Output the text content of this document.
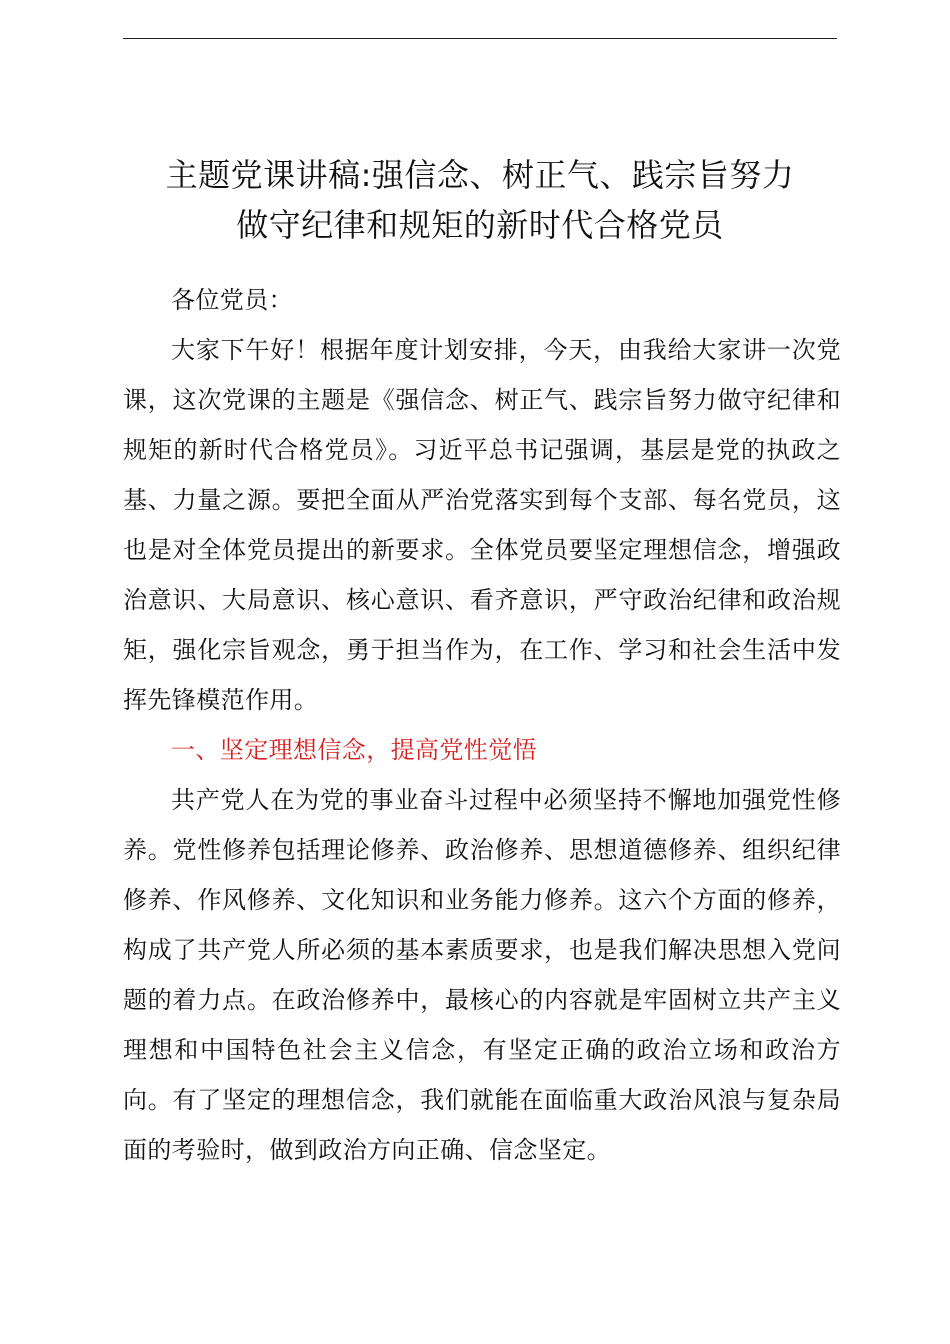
主题党课讲稿:强信念、树正气、践宗旨努力
做守纪律和规矩的新时代合格党员

各位党员：

大家下午好！根据年度计划安排，今天，由我给大家讲一次党课，这次党课的主题是《强信念、树正气、践宗旨努力做守纪律和规矩的新时代合格党员》。习近平总书记强调，基层是党的执政之基、力量之源。要把全面从严治党落实到每个支部、每名党员，这也是对全体党员提出的新要求。全体党员要坚定理想信念，增强政治意识、大局意识、核心意识、看齐意识，严守政治纪律和政治规矩，强化宗旨观念，勇于担当作为，在工作、学习和社会生活中发挥先锋模范作用。

一、坚定理想信念，提高党性觉悟

共产党人在为党的事业奋斗过程中必须坚持不懈地加强党性修养。党性修养包括理论修养、政治修养、思想道德修养、组织纪律修养、作风修养、文化知识和业务能力修养。这六个方面的修养，构成了共产党人所必须的基本素质要求，也是我们解决思想入党问题的着力点。在政治修养中，最核心的内容就是牢固树立共产主义理想和中国特色社会主义信念，有坚定正确的政治立场和政治方向。有了坚定的理想信念，我们就能在面临重大政治风浪与复杂局面的考验时，做到政治方向正确、信念坚定。
